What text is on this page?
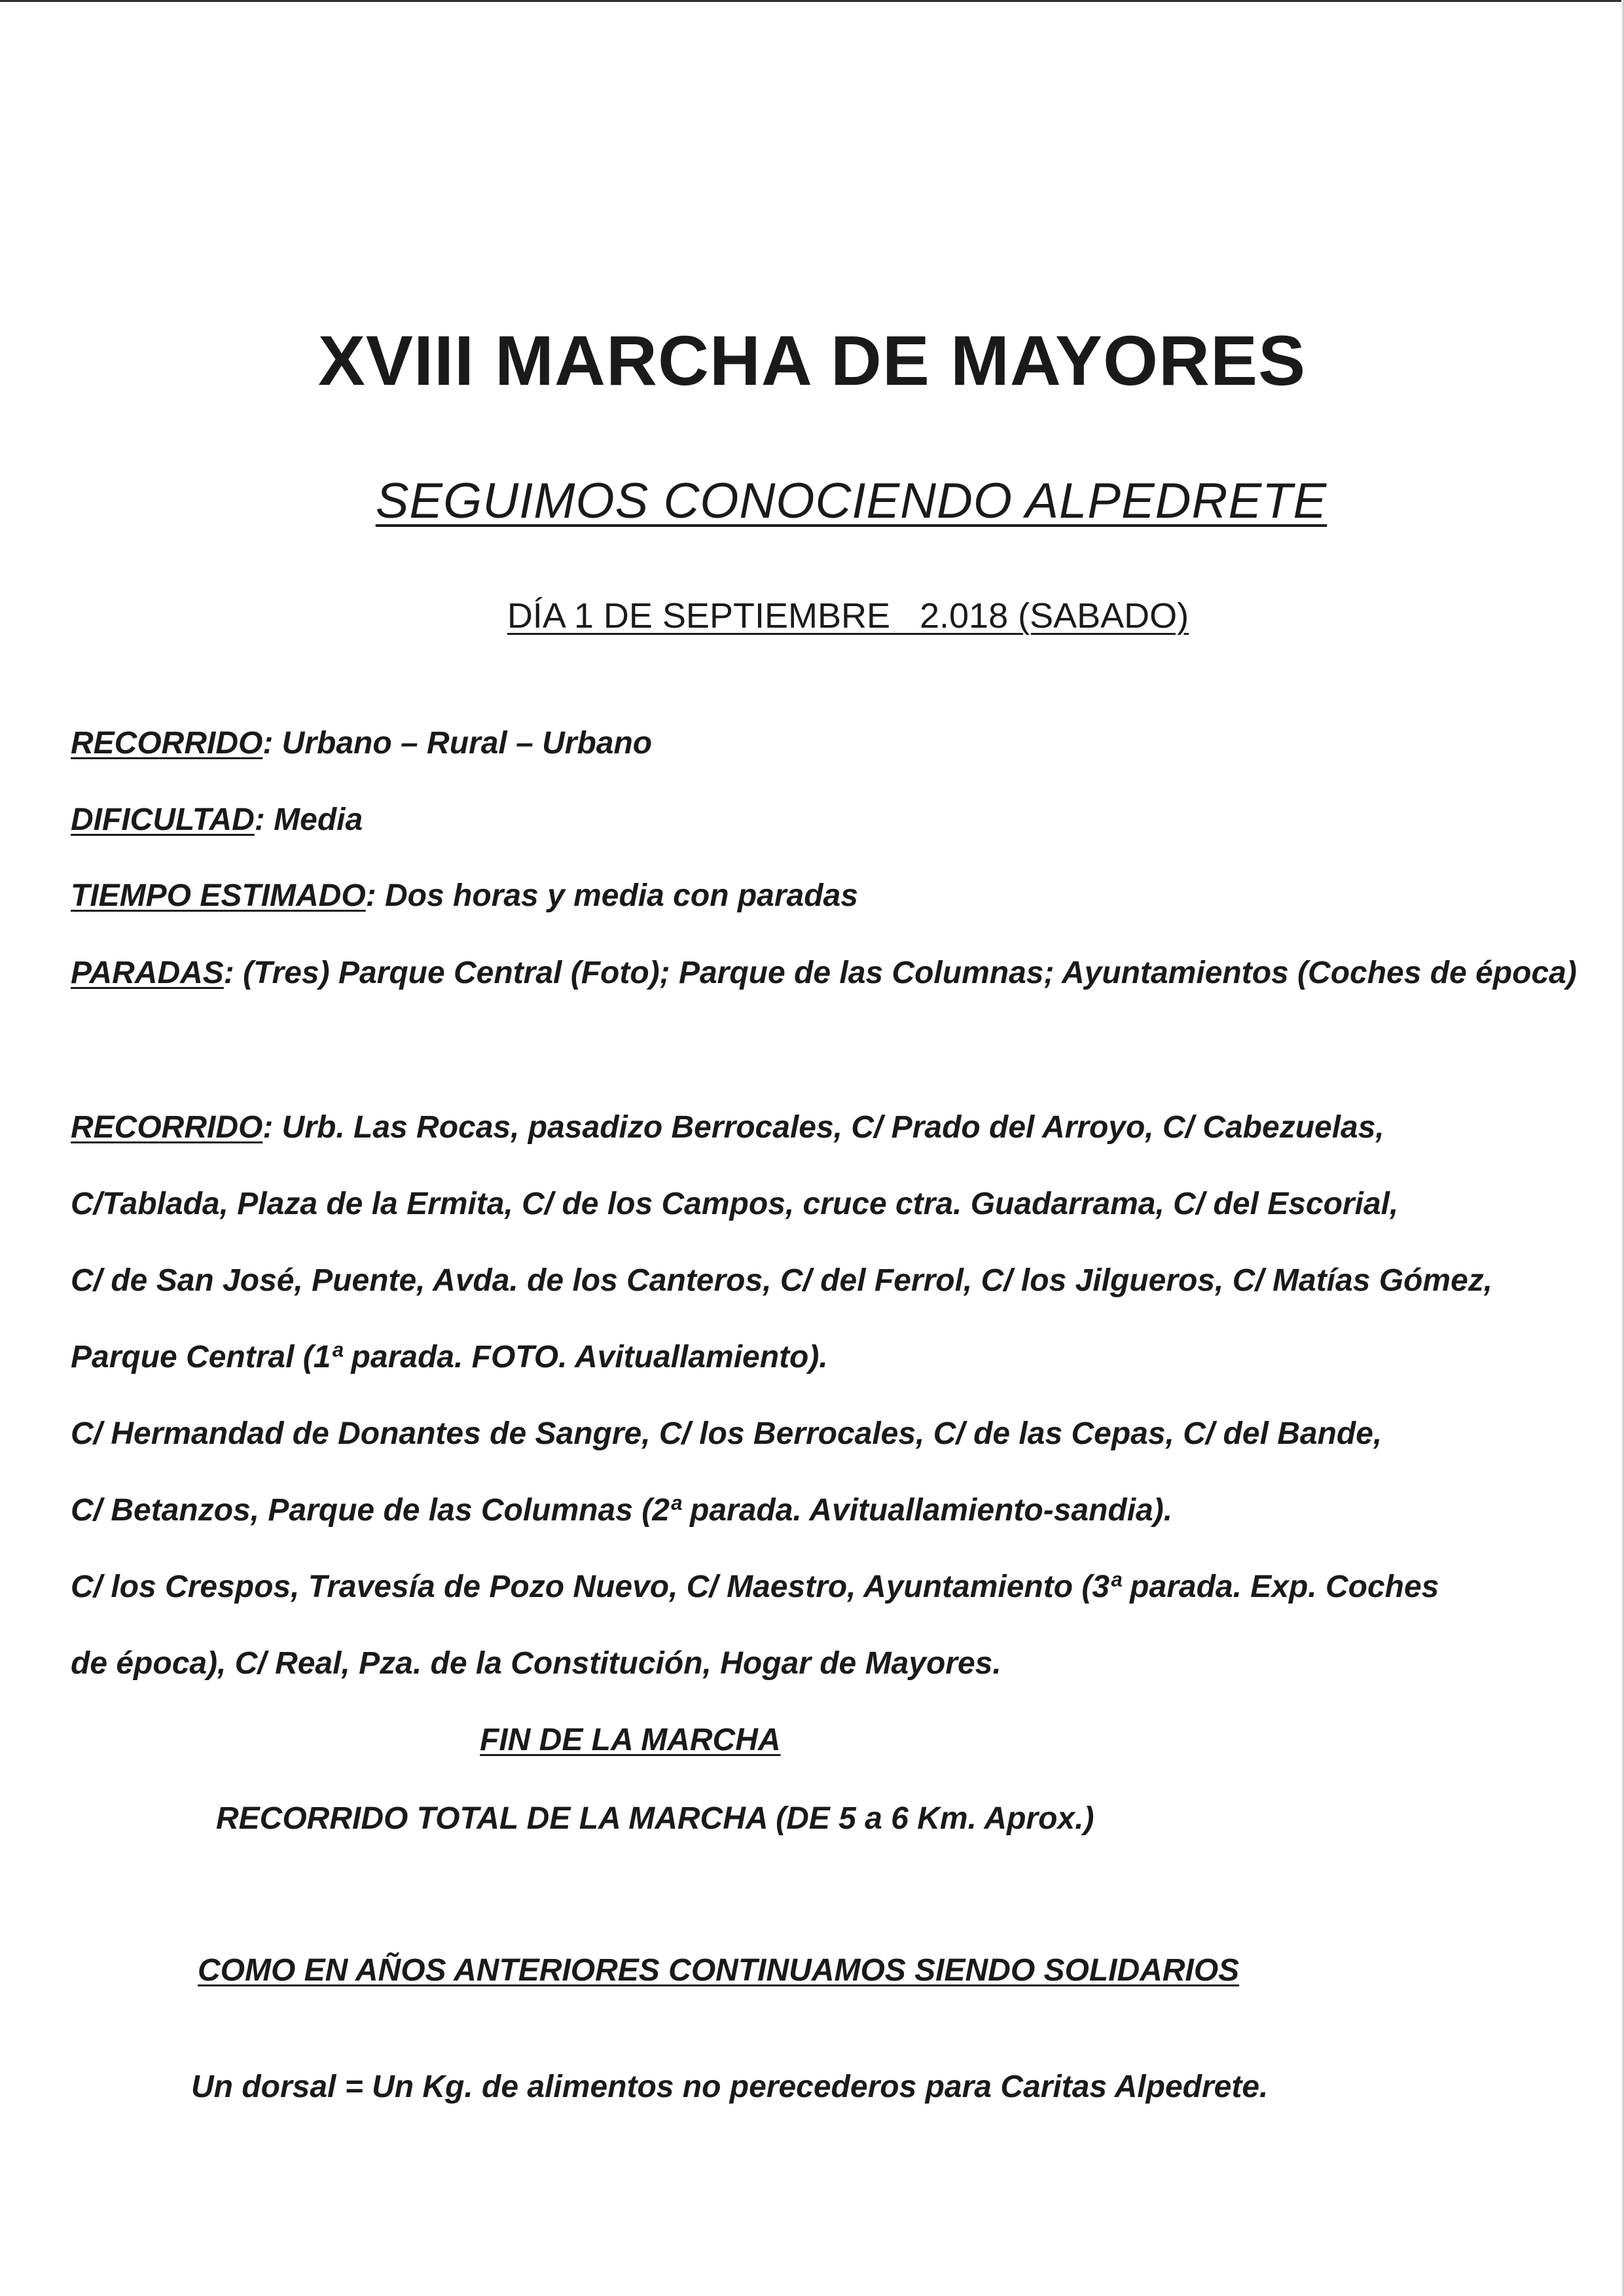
XVIII MARCHA DE MAYORES

SEGUIMOS CONOCIENDO ALPEDRETE

DÍA 1 DE SEPTIEMBRE   2.018 (SABADO)

RECORRIDO: Urbano – Rural – Urbano

DIFICULTAD: Media

TIEMPO ESTIMADO: Dos horas y media con paradas

PARADAS: (Tres) Parque Central (Foto); Parque de las Columnas; Ayuntamientos (Coches de época)

RECORRIDO: Urb. Las Rocas, pasadizo Berrocales, C/ Prado del Arroyo, C/ Cabezuelas,

C/Tablada, Plaza de la Ermita, C/ de los Campos, cruce ctra. Guadarrama, C/ del Escorial,

C/ de San José, Puente, Avda. de los Canteros, C/ del Ferrol, C/ los Jilgueros, C/ Matías Gómez,

Parque Central (1ª parada. FOTO. Avituallamiento).

C/ Hermandad de Donantes de Sangre, C/ los Berrocales, C/ de las Cepas, C/ del Bande,

C/ Betanzos, Parque de las Columnas (2ª parada. Avituallamiento-sandia).

C/ los Crespos, Travesía de Pozo Nuevo, C/ Maestro, Ayuntamiento (3ª parada. Exp. Coches

de época), C/ Real, Pza. de la Constitución, Hogar de Mayores.

FIN DE LA MARCHA

RECORRIDO TOTAL DE LA MARCHA (DE 5 a 6 Km. Aprox.)

COMO EN AÑOS ANTERIORES CONTINUAMOS SIENDO SOLIDARIOS

Un dorsal = Un Kg. de alimentos no perecederos para Caritas Alpedrete.
